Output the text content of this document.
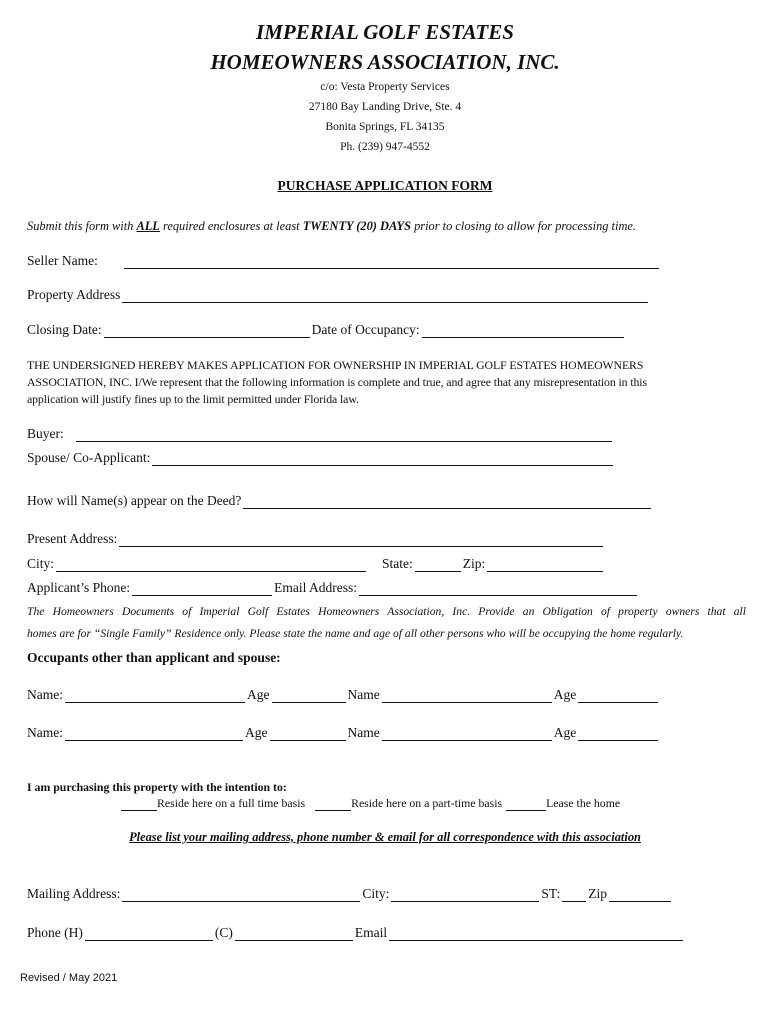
IMPERIAL GOLF ESTATES
HOMEOWNERS ASSOCIATION, INC.
c/o: Vesta Property Services
27180 Bay Landing Drive, Ste. 4
Bonita Springs, FL 34135
Ph. (239) 947-4552
PURCHASE APPLICATION FORM
Submit this form with ALL required enclosures at least TWENTY (20) DAYS prior to closing to allow for processing time.
Seller Name:
Property Address
Closing Date:	Date of Occupancy:
THE UNDERSIGNED HEREBY MAKES APPLICATION FOR OWNERSHIP IN IMPERIAL GOLF ESTATES HOMEOWNERS
ASSOCIATION, INC. I/We represent that the following information is complete and true, and agree that any misrepresentation in this
application will justify fines up to the limit permitted under Florida law.
Buyer:
Spouse/ Co-Applicant:
How will Name(s) appear on the Deed?
Present Address:
City:	State:	Zip:
Applicant’s Phone:	Email Address:
The Homeowners Documents of Imperial Golf Estates Homeowners Association, Inc. Provide an Obligation of property owners that all
homes are for “Single Family” Residence only. Please state the name and age of all other persons who will be occupying the home regularly.
Occupants other than applicant and spouse:
Name:	Age	Name	Age
Name:	Age	Name	Age
I am purchasing this property with the intention to:
Reside here on a full time basis	Reside here on a part-time basis	Lease the home
Please list your mailing address, phone number & email for all correspondence with this association
Mailing Address:	City:	ST: Zip
Phone (H)	(C)	Email
Revised / May 2021
